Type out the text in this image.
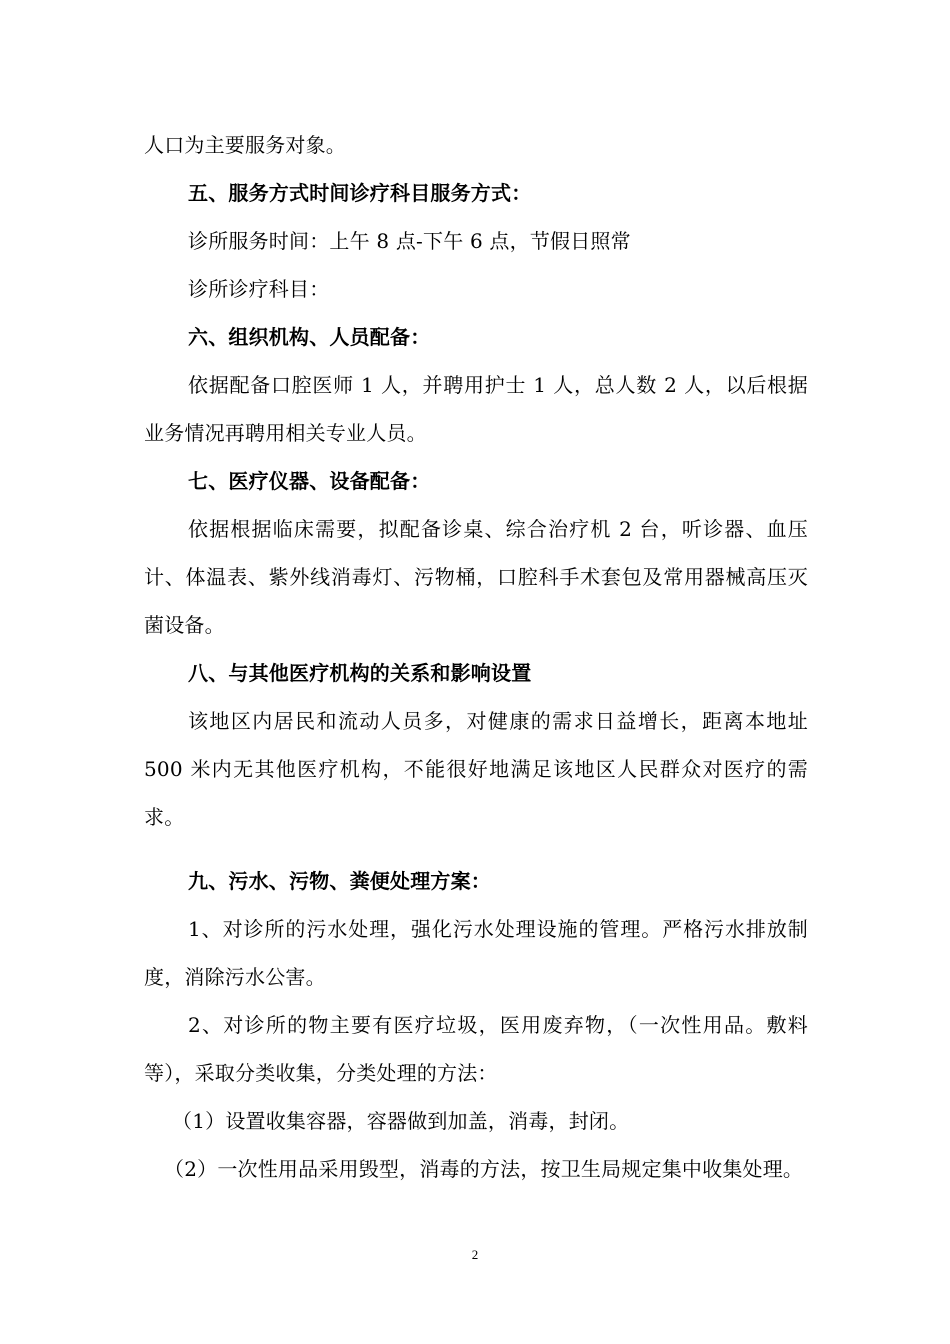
人口为主要服务对象。

五、服务方式时间诊疗科目服务方式：

诊所服务时间：上午 8 点-下午 6 点，节假日照常

诊所诊疗科目：

六、组织机构、人员配备：

依据配备口腔医师 1 人，并聘用护士 1 人，总人数 2 人，以后根据业务情况再聘用相关专业人员。

七、医疗仪器、设备配备：

依据根据临床需要，拟配备诊桌、综合治疗机 2 台，听诊器、血压计、体温表、紫外线消毒灯、污物桶，口腔科手术套包及常用器械高压灭菌设备。

八、与其他医疗机构的关系和影响设置

该地区内居民和流动人员多，对健康的需求日益增长，距离本地址 500 米内无其他医疗机构，不能很好地满足该地区人民群众对医疗的需求。

九、污水、污物、粪便处理方案：

1、对诊所的污水处理，强化污水处理设施的管理。严格污水排放制度，消除污水公害。

2、对诊所的物主要有医疗垃圾，医用废弃物，（一次性用品。敷料等），采取分类收集，分类处理的方法：

（1）设置收集容器，容器做到加盖，消毒，封闭。

（2）一次性用品采用毁型，消毒的方法，按卫生局规定集中收集处理。

2
